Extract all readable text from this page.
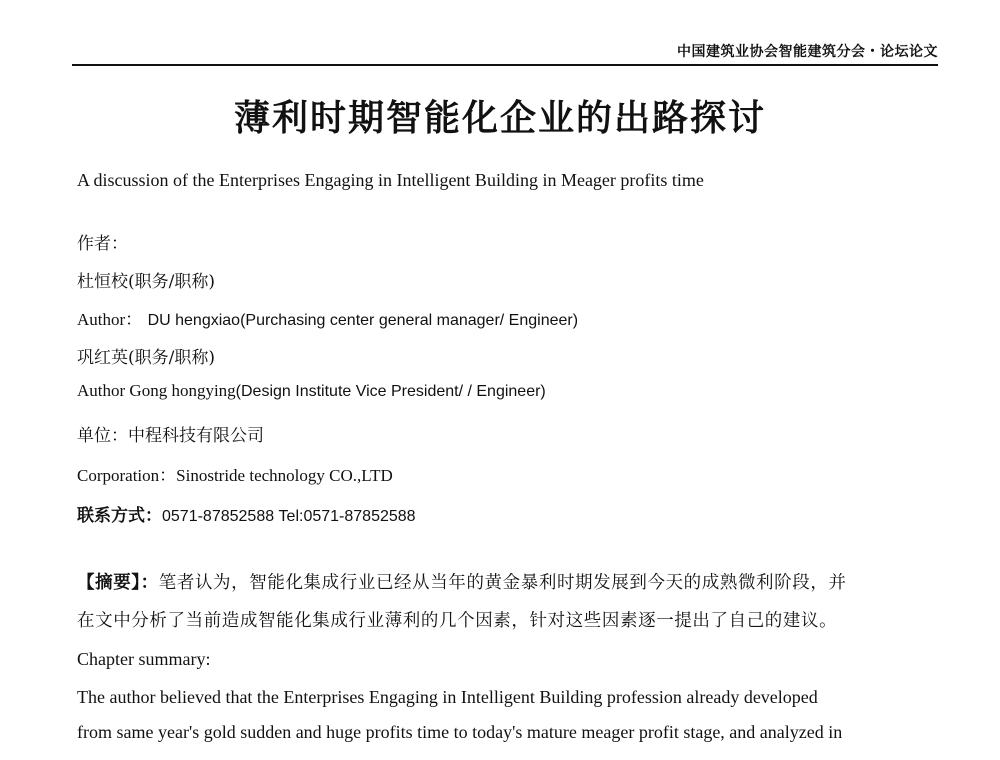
中国建筑业协会智能建筑分会・论坛论文
薄利时期智能化企业的出路探讨
A discussion of the Enterprises Engaging in Intelligent Building in Meager profits time
作者：
杜恒校(职务/职称)
Author： DU hengxiao(Purchasing center general manager/ Engineer)
巩红英(职务/职称)
Author Gong hongying(Design Institute Vice President/ / Engineer)
单位：中程科技有限公司
Corporation：Sinostride technology CO.,LTD
联系方式：0571-87852588 Tel:0571-87852588
【摘要】：笔者认为，智能化集成行业已经从当年的黄金暴利时期发展到今天的成熟微利阶段，并
在文中分析了当前造成智能化集成行业薄利的几个因素，针对这些因素逐一提出了自己的建议。
Chapter summary:
The author believed that the Enterprises Engaging in Intelligent Building profession already developed
from same year's gold sudden and huge profits time to today's mature meager profit stage, and analyzed in
